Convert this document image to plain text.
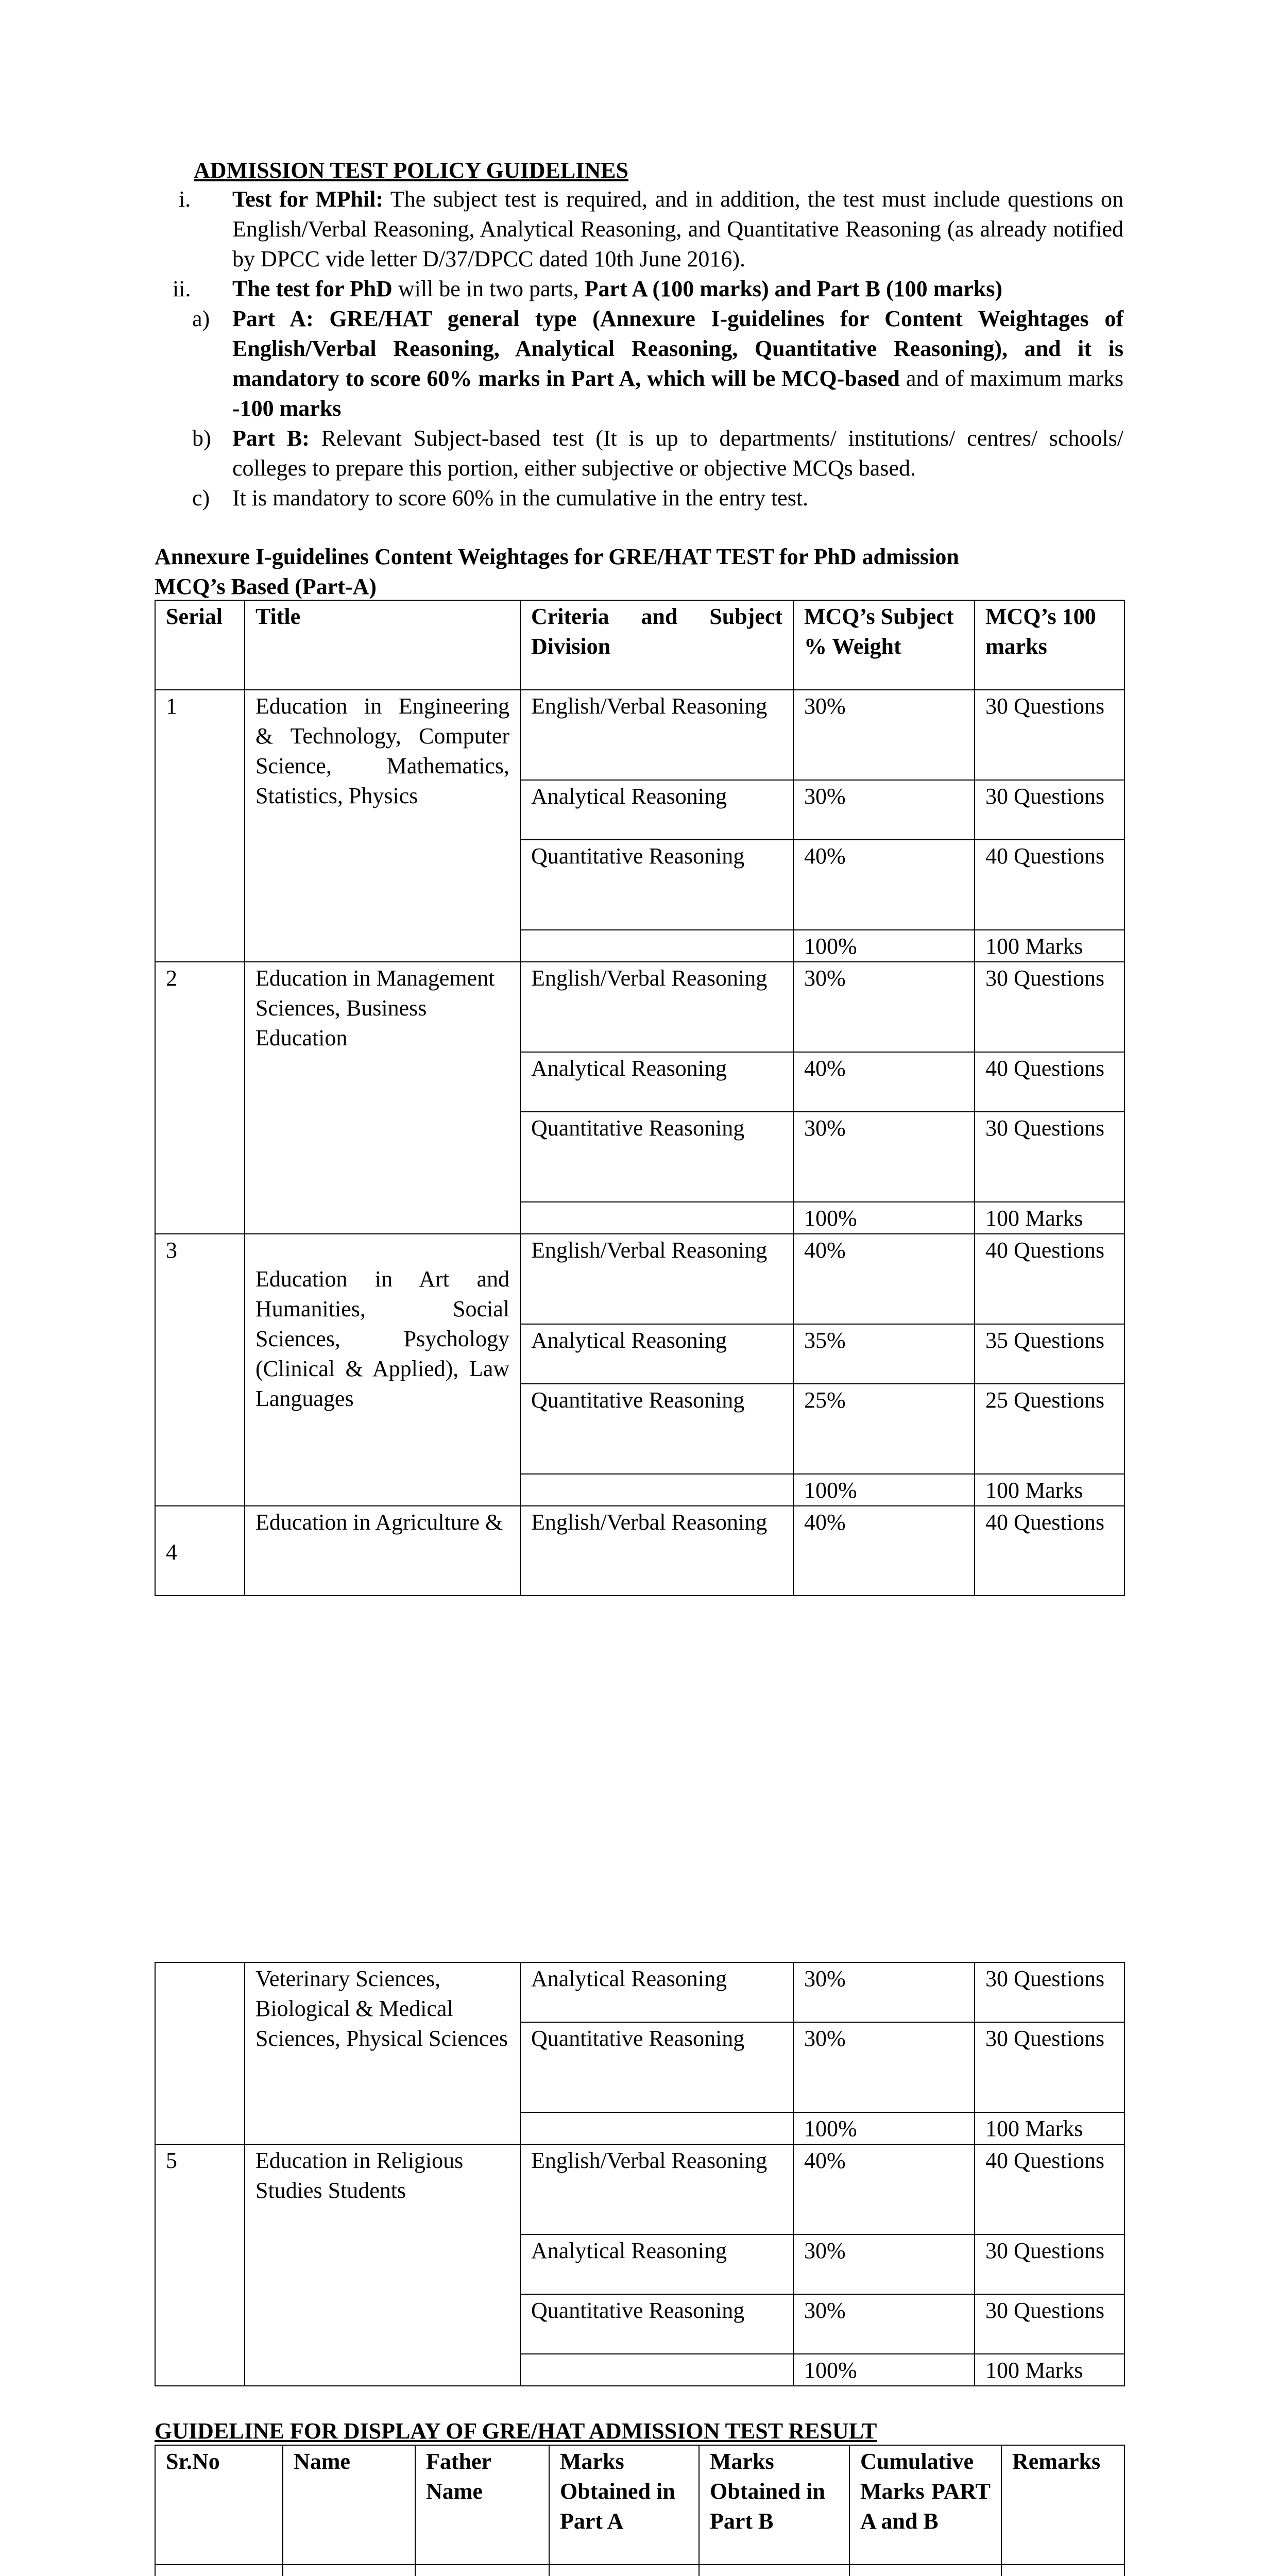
ADMISSION TEST POLICY GUIDELINES
i. Test for MPhil: The subject test is required, and in addition, the test must include questions on English/Verbal Reasoning, Analytical Reasoning, and Quantitative Reasoning (as already notified by DPCC vide letter D/37/DPCC dated 10th June 2016).
ii. The test for PhD will be in two parts, Part A (100 marks) and Part B (100 marks)
a) Part A: GRE/HAT general type (Annexure I-guidelines for Content Weightages of English/Verbal Reasoning, Analytical Reasoning, Quantitative Reasoning), and it is mandatory to score 60% marks in Part A, which will be MCQ-based and of maximum marks -100 marks
b) Part B: Relevant Subject-based test (It is up to departments/ institutions/ centres/ schools/ colleges to prepare this portion, either subjective or objective MCQs based.
c) It is mandatory to score 60% in the cumulative in the entry test.
Annexure I-guidelines Content Weightages for GRE/HAT TEST for PhD admission
MCQ’s Based (Part-A)
Serial	Title	Criteria and Subject Division	MCQ’s Subject % Weight	MCQ’s 100 marks
1	Education in Engineering & Technology, Computer Science, Mathematics, Statistics, Physics	English/Verbal Reasoning	30%	30 Questions
		Analytical Reasoning	30%	30 Questions
		Quantitative Reasoning	40%	40 Questions
			100%	100 Marks
2	Education in Management Sciences, Business Education	English/Verbal Reasoning	30%	30 Questions
		Analytical Reasoning	40%	40 Questions
		Quantitative Reasoning	30%	30 Questions
			100%	100 Marks
3	Education in Art and Humanities, Social Sciences, Psychology (Clinical & Applied), Law Languages	English/Verbal Reasoning	40%	40 Questions
		Analytical Reasoning	35%	35 Questions
		Quantitative Reasoning	25%	25 Questions
			100%	100 Marks
4	Education in Agriculture &	English/Verbal Reasoning	40%	40 Questions
	Veterinary Sciences, Biological & Medical Sciences, Physical Sciences	Analytical Reasoning	30%	30 Questions
		Quantitative Reasoning	30%	30 Questions
			100%	100 Marks
5	Education in Religious Studies Students	English/Verbal Reasoning	40%	40 Questions
		Analytical Reasoning	30%	30 Questions
		Quantitative Reasoning	30%	30 Questions
			100%	100 Marks
GUIDELINE FOR DISPLAY OF GRE/HAT ADMISSION TEST RESULT
Sr.No	Name	Father Name	Marks Obtained in Part A	Marks Obtained in Part B	Cumulative Marks PART A and B	Remarks
